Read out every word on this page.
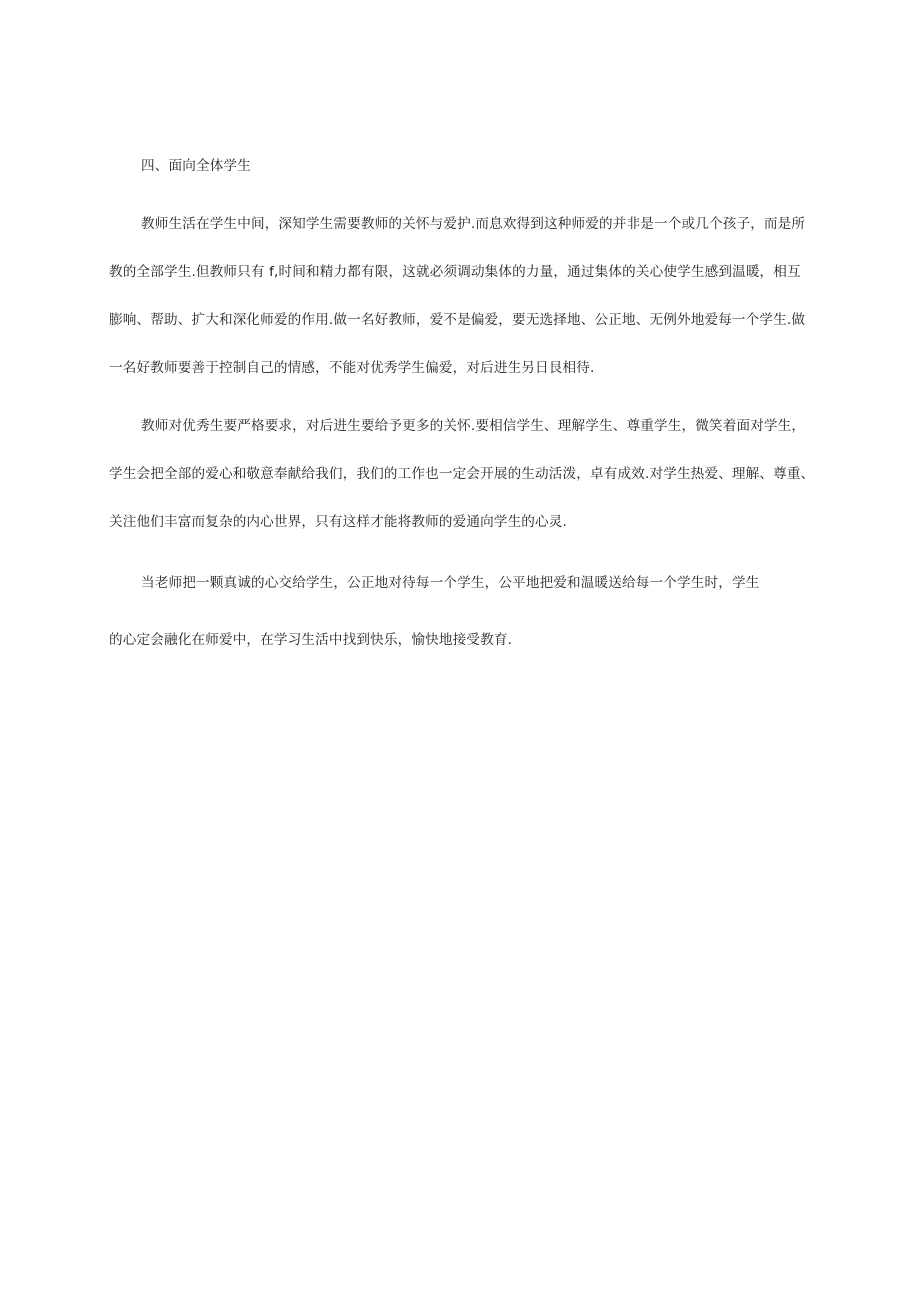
四、面向全体学生
教师生活在学生中间，深知学生需要教师的关怀与爱护.而息欢得到这种师爱的并非是一个或几个孩子，而是所
教的全部学生.但教师只有 f,时间和精力都有限，这就必须调动集体的力量，通过集体的关心使学生感到温暖，相互
膨响、帮助、扩大和深化师爱的作用.做一名好教师，爱不是偏爱，要无选择地、公正地、无例外地爱每一个学生.做
一名好教师要善于控制自己的情感，不能对优秀学生偏爱，对后进生另日艮相待.
教师对优秀生要严格要求，对后进生要给予更多的关怀.要相信学生、理解学生、尊重学生，微笑着面对学生，
学生会把全部的爱心和敬意奉献给我们，我们的工作也一定会开展的生动活泼，卓有成效.对学生热爱、理解、尊重、
关注他们丰富而复杂的内心世界，只有这样才能将教师的爱通向学生的心灵.
当老师把一颗真诚的心交给学生，公正地对待每一个学生，公平地把爱和温暖送给每一个学生时，学生
的心定会融化在师爱中，在学习生活中找到快乐，愉快地接受教育.
